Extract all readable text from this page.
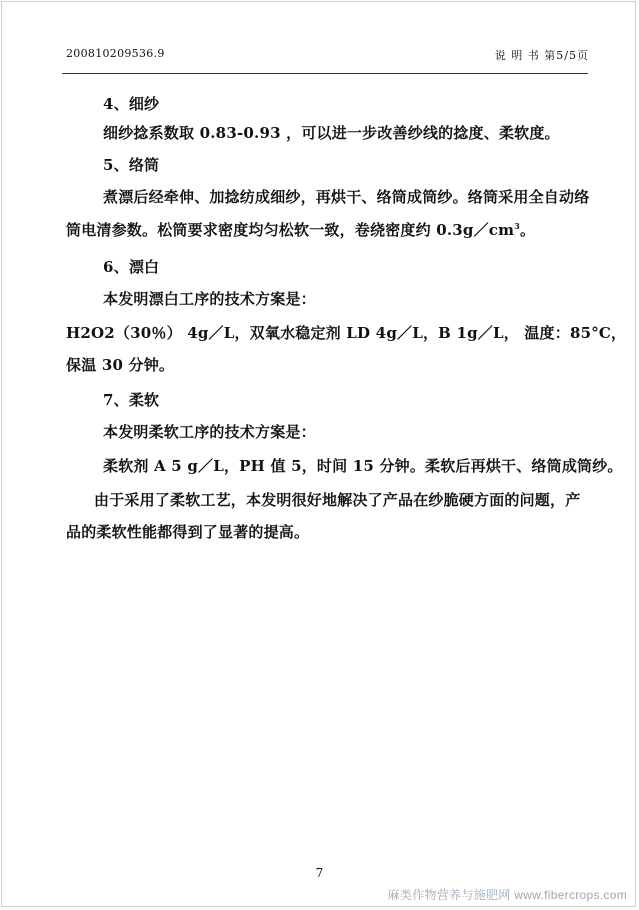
200810209536.9	说 明 书 第5/5页
4、细纱
细纱捻系数取 0.83-0.93 ，可以进一步改善纱线的捻度、柔软度。
5、络筒
煮漂后经牵伸、加捻纺成细纱，再烘干、络筒成筒纱。络筒采用全自动络
筒电清参数。松筒要求密度均匀松软一致，卷绕密度约 $0.3g/cm^3$。
6、漂白
本发明漂白工序的技术方案是：
H2O2（30％） 4g／L，双氧水稳定剂 LD 4g／L，B 1g／L， 温度：85°C，
保温 30 分钟。
7、柔软
本发明柔软工序的技术方案是：
柔软剂 A 5 g／L，PH 值 5，时间 15 分钟。柔软后再烘干、络筒成筒纱。
由于采用了柔软工艺，本发明很好地解决了产品在纱脆硬方面的问题，产
品的柔软性能都得到了显著的提高。
7
麻类作物营养与施肥网 www.fibercrops.com
